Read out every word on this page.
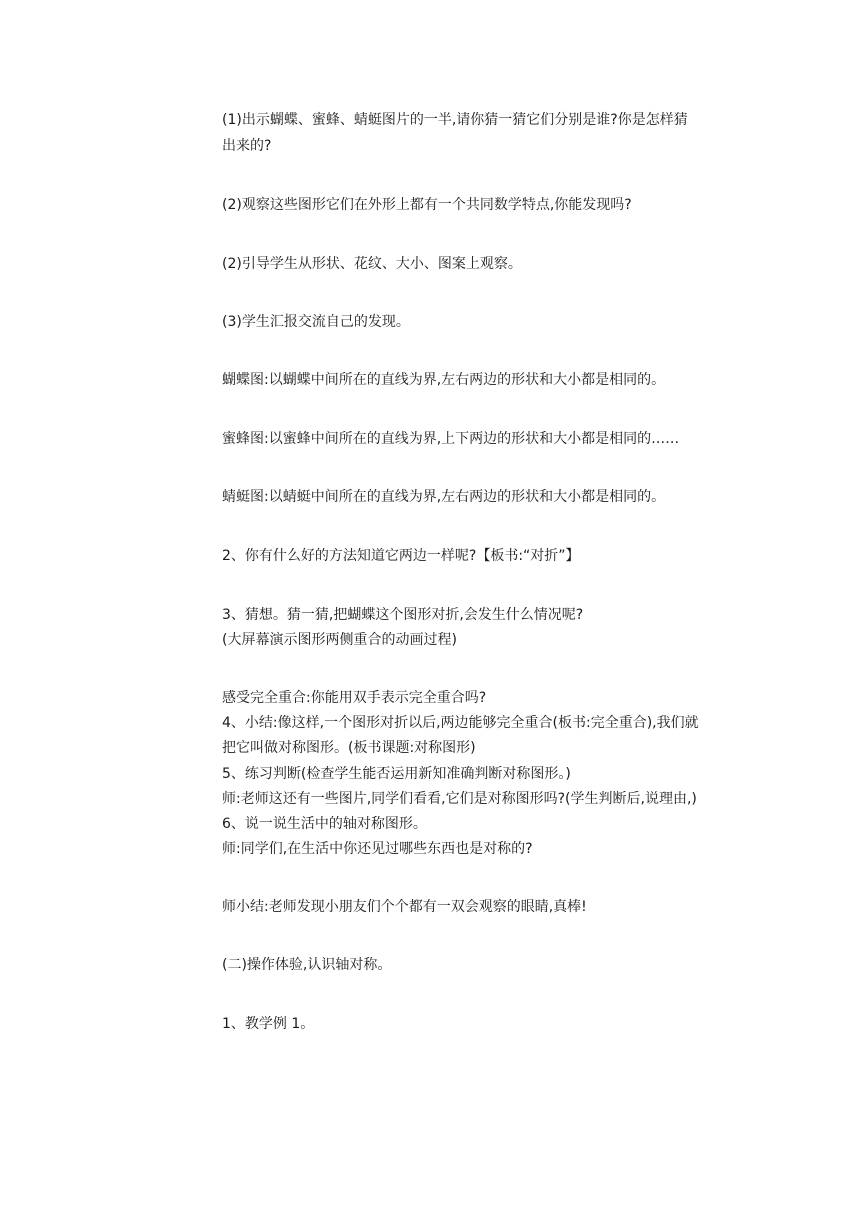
(1)出示蝴蝶、蜜蜂、蜻蜓图片的一半,请你猜一猜它们分别是谁?你是怎样猜
出来的?
(2)观察这些图形它们在外形上都有一个共同数学特点,你能发现吗?
(2)引导学生从形状、花纹、大小、图案上观察。
(3)学生汇报交流自己的发现。
蝴蝶图:以蝴蝶中间所在的直线为界,左右两边的形状和大小都是相同的。
蜜蜂图:以蜜蜂中间所在的直线为界,上下两边的形状和大小都是相同的……
蜻蜓图:以蜻蜓中间所在的直线为界,左右两边的形状和大小都是相同的。
2、你有什么好的方法知道它两边一样呢?【板书:“对折”】
3、猜想。猜一猜,把蝴蝶这个图形对折,会发生什么情况呢?
(大屏幕演示图形两侧重合的动画过程)
感受完全重合:你能用双手表示完全重合吗?
4、小结:像这样,一个图形对折以后,两边能够完全重合(板书:完全重合),我们就
把它叫做对称图形。(板书课题:对称图形)
5、练习判断(检查学生能否运用新知准确判断对称图形。)
师:老师这还有一些图片,同学们看看,它们是对称图形吗?(学生判断后,说理由,)
6、说一说生活中的轴对称图形。
师:同学们,在生活中你还见过哪些东西也是对称的?
师小结:老师发现小朋友们个个都有一双会观察的眼睛,真棒!
(二)操作体验,认识轴对称。
1、教学例 1。
